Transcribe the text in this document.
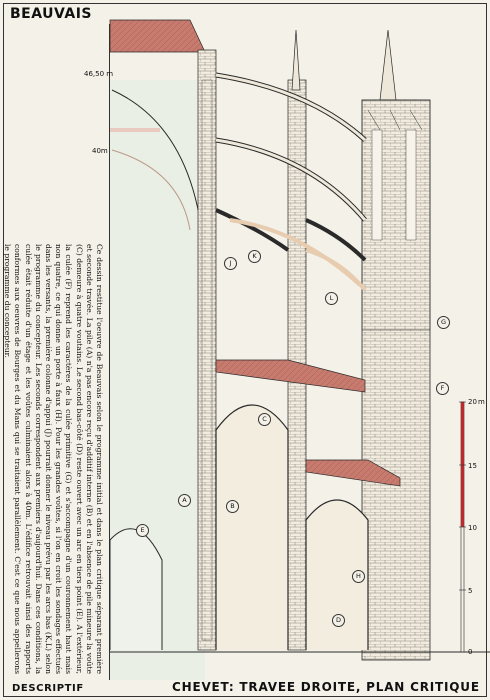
BEAUVAIS
Ce dessin restitue l'oeuvre de Beauvais selon le programme initial et dans le plan critique séparant première et seconde travée. La pile (A) n'a pas encore reçu d'additif interne (B) et en l'absence de pile mineure la voûte (C) demeure à quatre voutains. Le second bas-côté (D) reste ouvert avec un arc en tiers point (E). A l'extérieur, la culée (F) reprend les caractères de la culée primitive (G) et s'accompagne d'un couronnement haut mais non quatre, ce qui donne un porte à faux (H). Pour les grandes voûtes, si l'on en croit les sondages effectués dans les versants, la première colonne d'appui (J) pourrait donner le niveau prévu par les arcs bas (K,L) selon le programme du concepteur. Les seconds correspondent aux premiers d'aujourd'hui. Dans ces conditions, la culée était réduite d'un étage et les voûtes culminaient alors à 40m. L'édifice retrouvait ainsi des rapports conformes aux oeuvres de Bourges et du Mans qui se traitaient parallèlement. C'est ce que nous appellerons le programme du concepteur.
46,50 m
40m
20 m
15
10
5
0
A
B
C
D
E
F
G
H
J
K
L
DESCRIPTIF	CHEVET: TRAVEE DROITE, PLAN CRITIQUE
